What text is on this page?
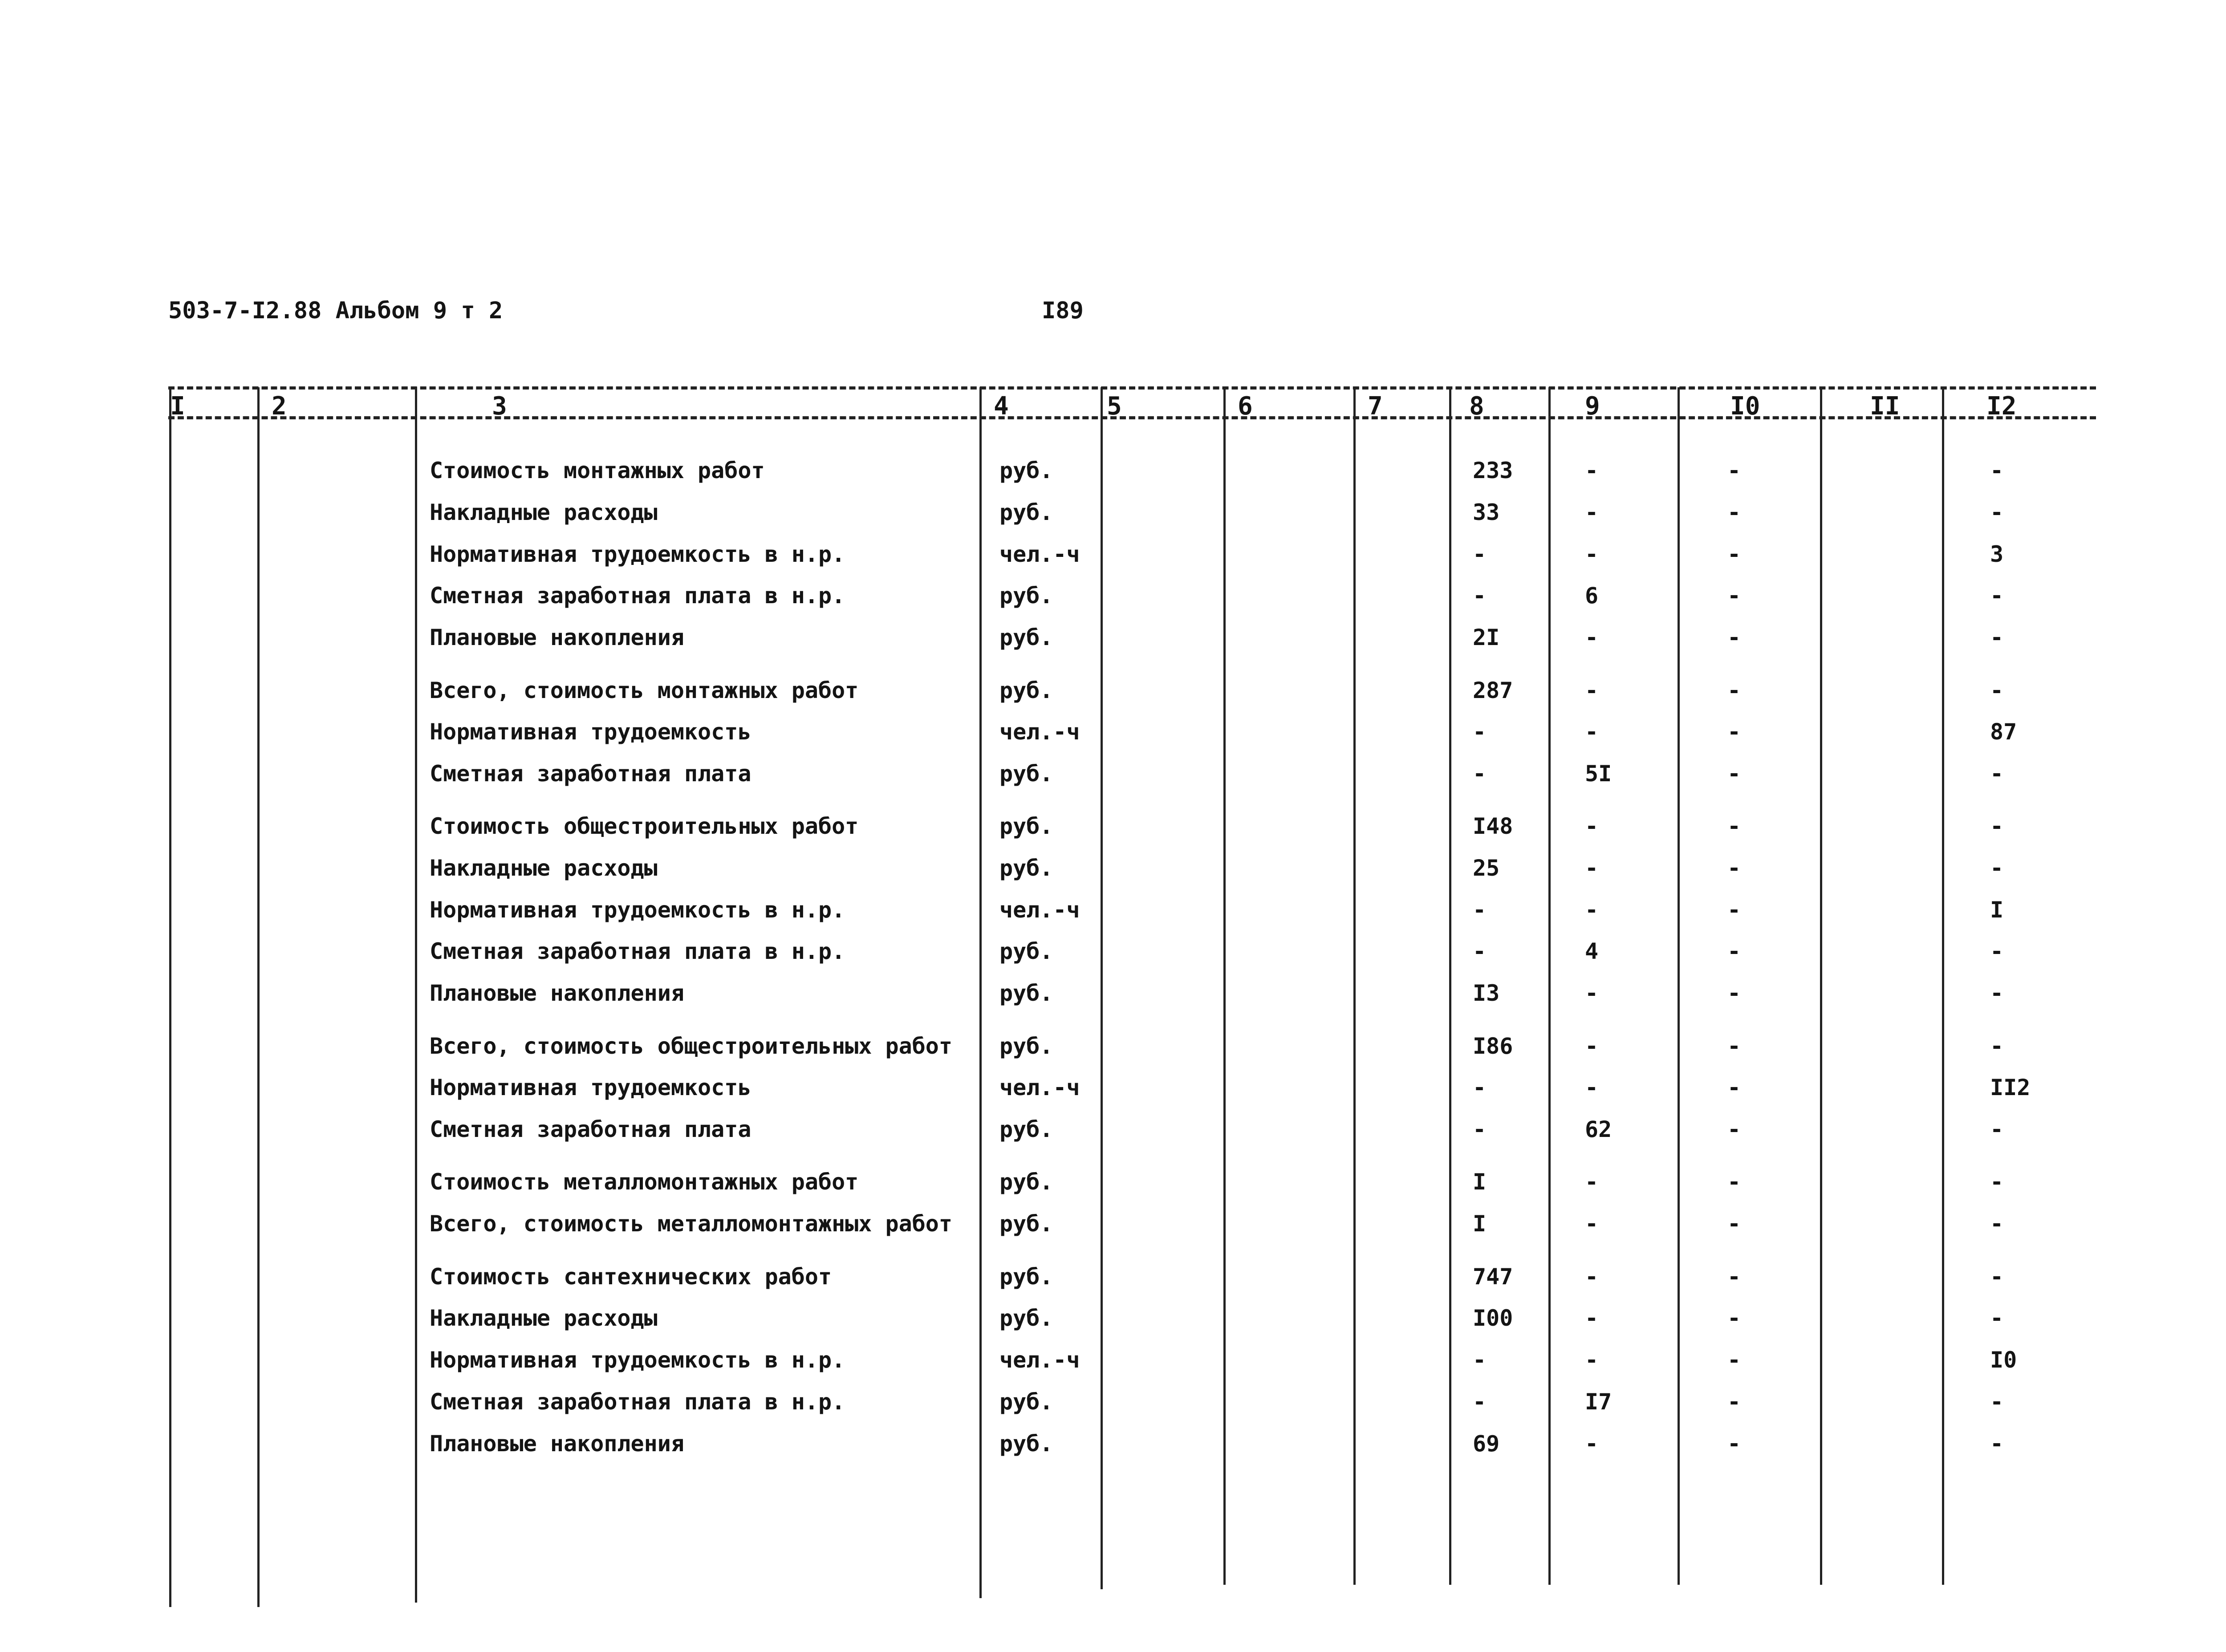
503-7-I2.88 Альбом 9 т 2	I89
I	2	3	4	5	6	7	8	9	I0	II	I2
Стоимость монтажных работ	руб.	233	-	-	-
Накладные расходы	руб.	33	-	-	-
Нормативная трудоемкость в н.р.	чел.-ч	-	-	-	3
Сметная заработная плата в н.р.	руб.	-	6	-	-
Плановые накопления	руб.	2I	-	-	-
Всего, стоимость монтажных работ	руб.	287	-	-	-
Нормативная трудоемкость	чел.-ч	-	-	-	87
Сметная заработная плата	руб.	-	5I	-	-
Стоимость общестроительных работ	руб.	I48	-	-	-
Накладные расходы	руб.	25	-	-	-
Нормативная трудоемкость в н.р.	чел.-ч	-	-	-	I
Сметная заработная плата в н.р.	руб.	-	4	-	-
Плановые накопления	руб.	I3	-	-	-
Всего, стоимость общестроительных работ руб.	I86	-	-	-
Нормативная трудоемкость	чел.-ч	-	-	-	II2
Сметная заработная плата	руб.	-	62	-	-
Стоимость металломонтажных работ	руб.	I	-	-	-
Всего, стоимость металломонтажных работ руб.	I	-	-	-
Стоимость сантехнических работ	руб.	747	-	-	-
Накладные расходы	руб.	I00	-	-	-
Нормативная трудоемкость в н.р.	чел.-ч	-	-	-	I0
Сметная заработная плата в н.р.	руб.	-	I7	-	-
Плановые накопления	руб.	69	-	-	-
